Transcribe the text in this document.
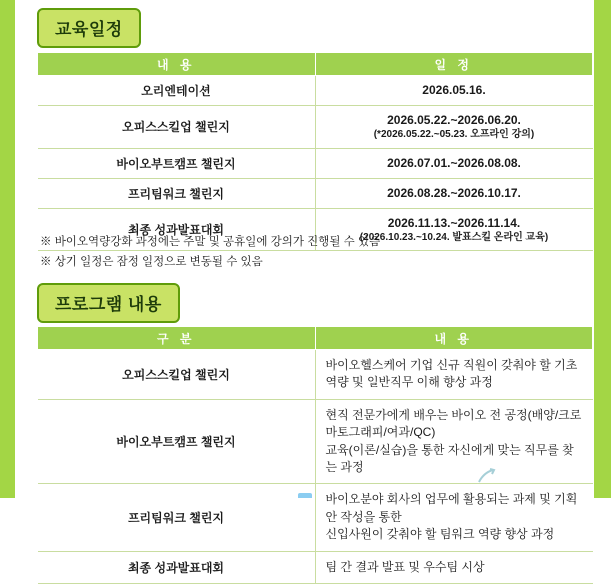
교육일정
내 용	일 정
오리엔테이션	2026.05.16.
오피스스킬업 챌린지	2026.05.22.~2026.06.20.
(*2026.05.22.~05.23. 오프라인 강의)

바이오부트캠프 챌린지	2026.07.01.~2026.08.08.
프리팀워크 챌린지	2026.08.28.~2026.10.17.
최종 성과발표대회	2026.11.13.~2026.11.14.
(2026.10.23.~10.24. 발표스킬 온라인 교육)
※ 바이오역량강화 과정에는 주말 및 공휴일에 강의가 진행될 수 있음
※ 상기 일정은 잠정 일정으로 변동될 수 있음
프로그램 내용
구 분	내 용
오피스스킬업 챌린지	바이오헬스케어 기업 신규 직원이 갖춰야 할 기초 역량 및 일반직무 이해 향상 과정

바이오부트캠프 챌린지	현직 전문가에게 배우는 바이오 전 공정(배양/크로마토그래피/여과/QC)
교육(이론/실습)을 통한 자신에게 맞는 직무를 찾는 과정

프리팀워크 챌린지	바이오분야 회사의 업무에 활용되는 과제 및 기획안 작성을 통한
신입사원이 갖춰야 할 팀워크 역량 향상 과정

최종 성과발표대회	팀 간 결과 발표 및 우수팀 시상
